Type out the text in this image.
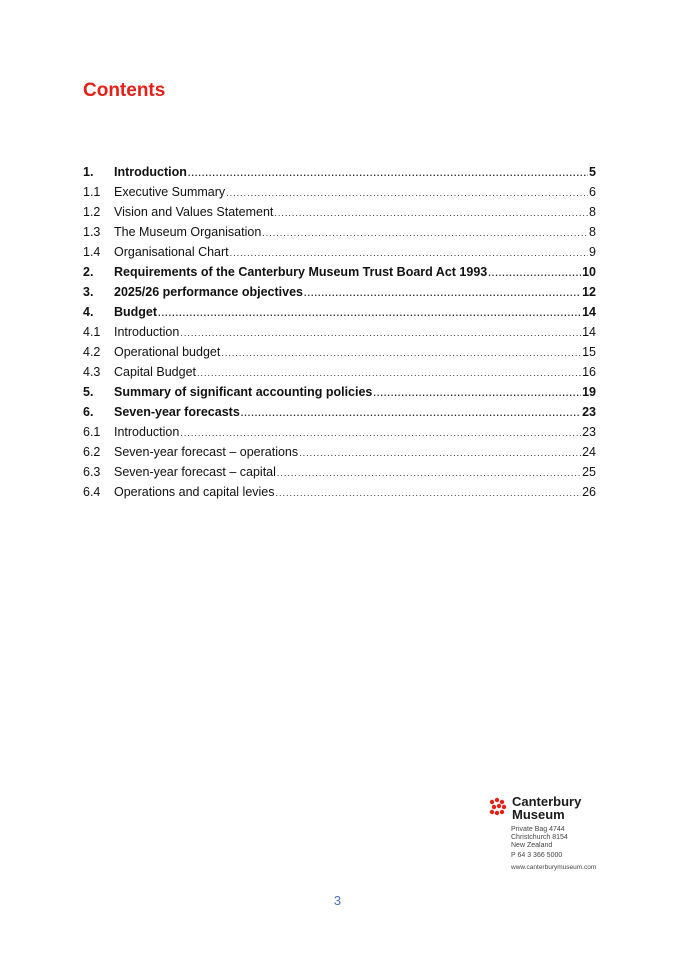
Contents
1.	Introduction .....	5
1.1	Executive Summary .....	6
1.2	Vision and Values Statement .....	8
1.3	The Museum Organisation .....	8
1.4	Organisational Chart .....	9
2.	Requirements of the Canterbury Museum Trust Board Act 1993 .....	10
3.	2025/26 performance objectives .....	12
4.	Budget .....	14
4.1	Introduction .....	14
4.2	Operational budget .....	15
4.3	Capital Budget .....	16
5.	Summary of significant accounting policies .....	19
6.	Seven-year forecasts .....	23
6.1	Introduction .....	23
6.2	Seven-year forecast – operations .....	24
6.3	Seven-year forecast – capital .....	25
6.4	Operations and capital levies .....	26
Canterbury
Museum
Private Bag 4744
Christchurch 8154
New Zealand
P 64 3 366 5000
www.canterburymuseum.com
3
